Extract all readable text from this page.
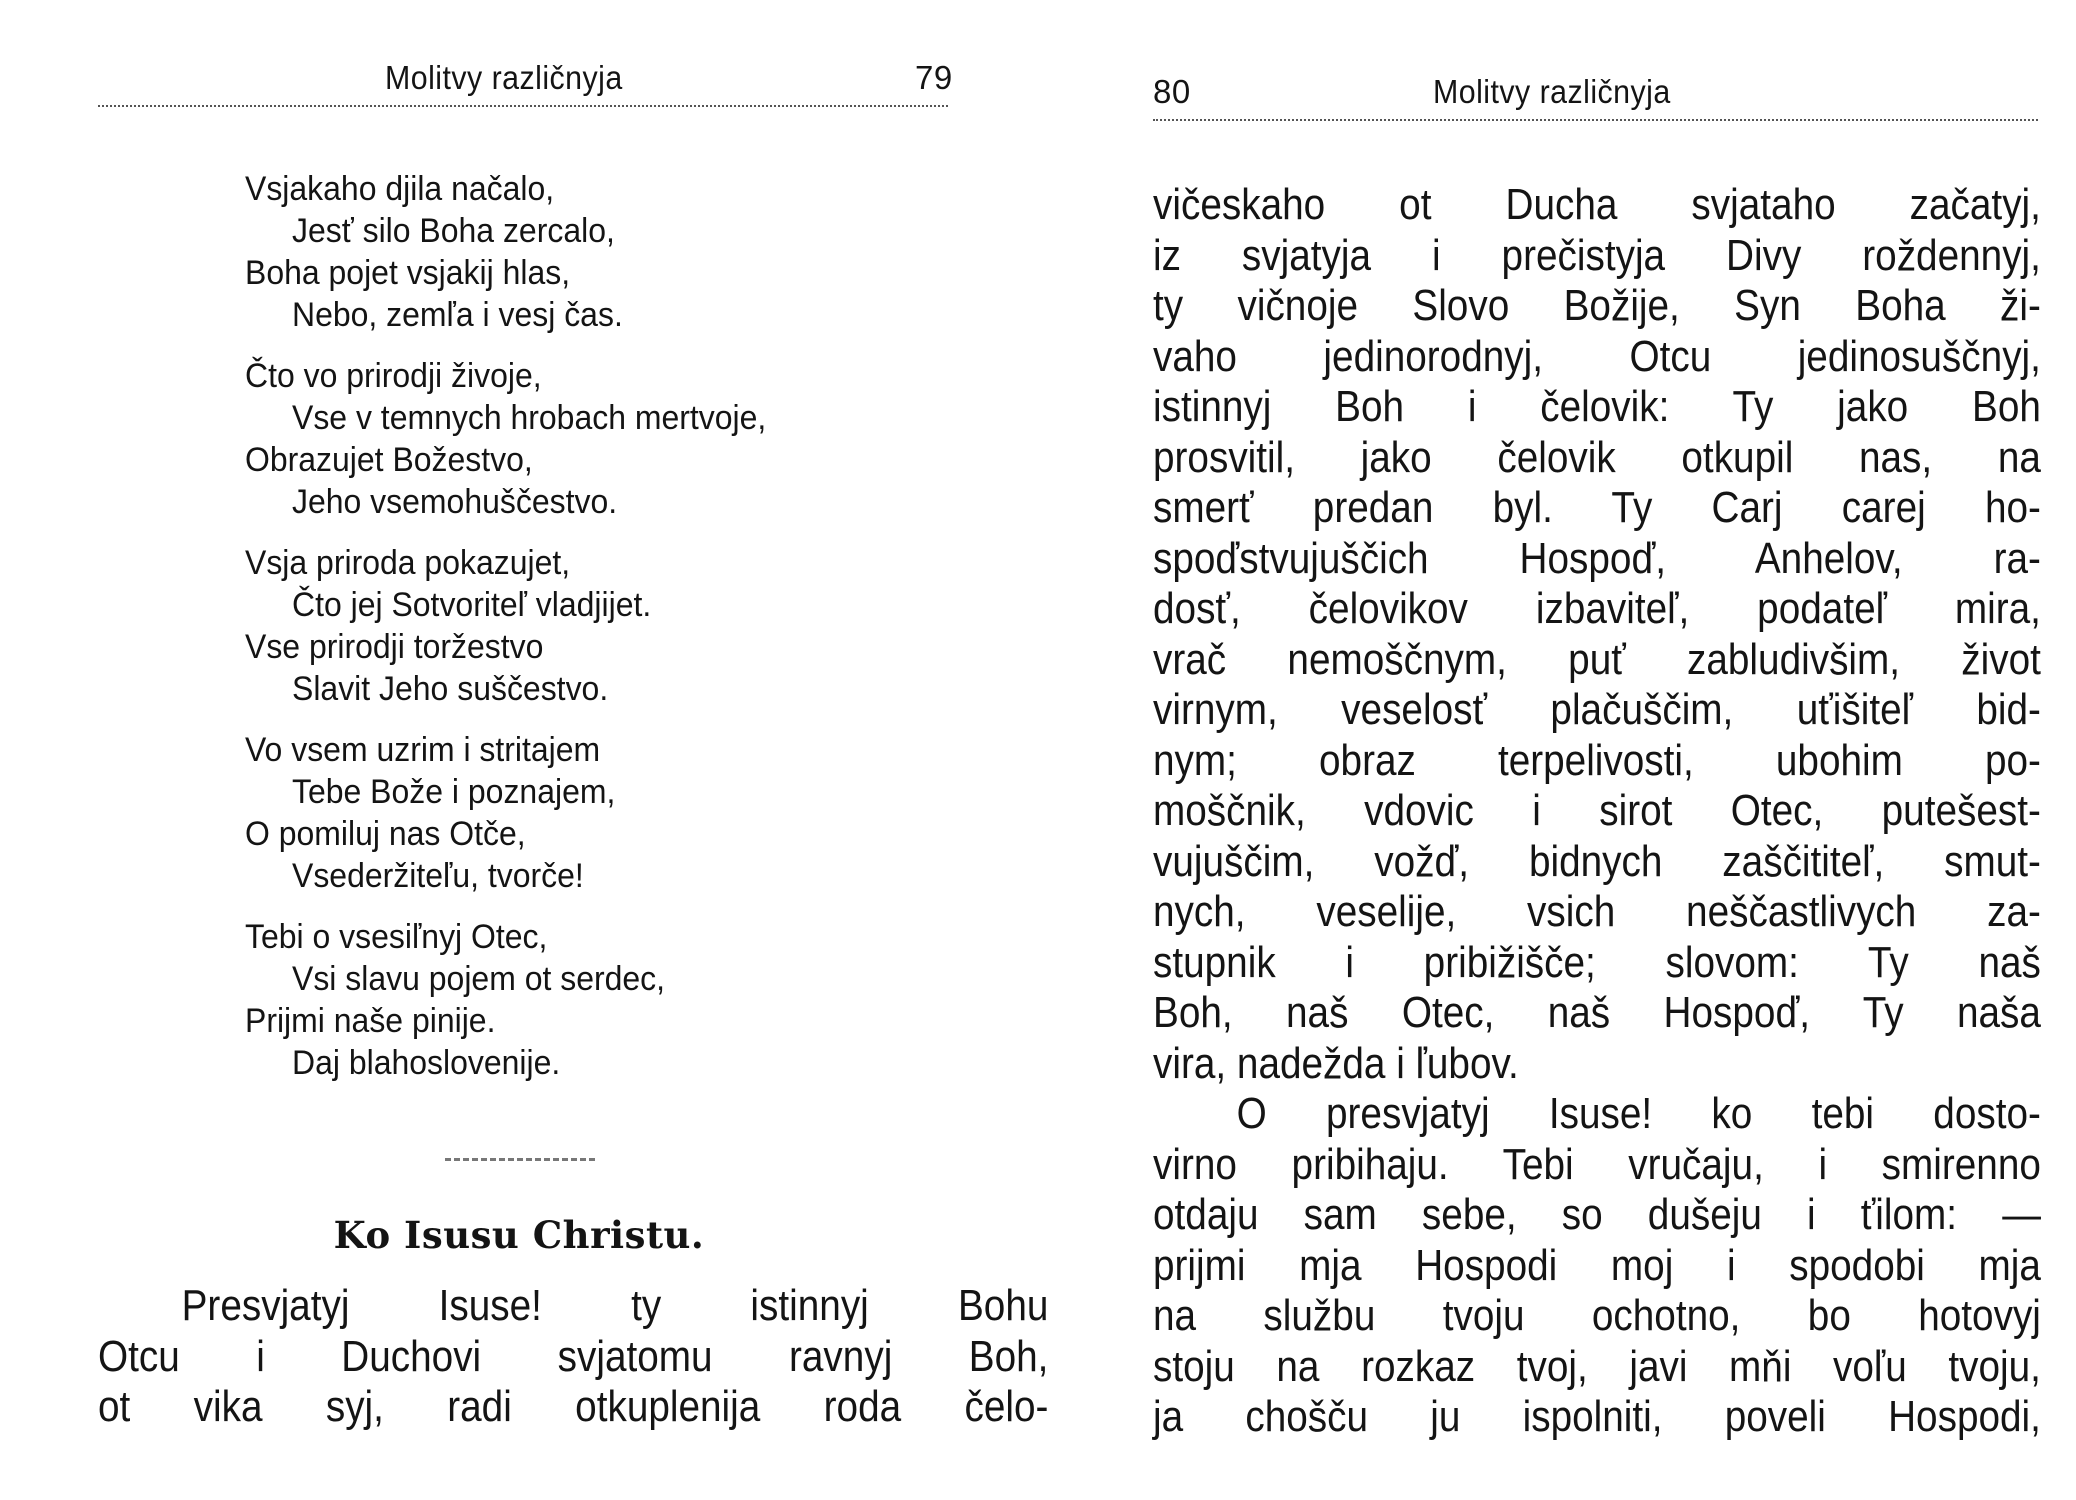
Molitvy različnyja	79
Vsjakaho djila načalo,
Jesť silo Boha zercalo,
Boha pojet vsjakij hlas,
Nebo, zemľa i vesj čas.
Čto vo prirodji živoje,
Vse v temnych hrobach mertvoje,
Obrazujet Božestvo,
Jeho vsemohuščestvo.
Vsja priroda pokazujet,
Čto jej Sotvoriteľ vladjijet.
Vse prirodji toržestvo
Slavit Jeho suščestvo.
Vo vsem uzrim i stritajem
Tebe Bože i poznajem,
O pomiluj nas Otče,
Vsederžiteľu, tvorče!
Tebi o vsesiľnyj Otec,
Vsi slavu pojem ot serdec,
Prijmi naše pinije.
Daj blahoslovenije.
Ko Isusu Christu.
Presvjatyj Isuse! ty istinnyj Bohu
Otcu i Duchovi svjatomu ravnyj Boh,
ot vika syj, radi otkuplenija roda čelo-
80	Molitvy različnyja
vičeskaho ot Ducha svjataho začatyj,
iz svjatyja i prečistyja Divy roždennyj,
ty vičnoje Slovo Božije, Syn Boha ži-
vaho jedinorodnyj, Otcu jedinosuščnyj,
istinnyj Boh i čelovik: Ty jako Boh
prosvitil, jako čelovik otkupil nas, na
smerť predan byl. Ty Carj carej ho-
spoďstvujuščich Hospoď, Anhelov, ra-
dosť, čelovikov izbaviteľ, podateľ mira,
vrač nemoščnym, puť zabludivšim, život
virnym, veselosť plačuščim, uťišiteľ bid-
nym; obraz terpelivosti, ubohim po-
moščnik, vdovic i sirot Otec, putešest-
vujuščim, vožď, bidnych zaščititeľ, smut-
nych, veselije, vsich neščastlivych za-
stupnik i pribižišče; slovom: Ty naš
Boh, naš Otec, naš Hospoď, Ty naša
vira, nadežda i ľubov.
O presvjatyj Isuse! ko tebi dosto-
virno pribihaju. Tebi vručaju, i smirenno
otdaju sam sebe, so dušeju i ťilom: —
prijmi mja Hospodi moj i spodobi mja
na službu tvoju ochotno, bo hotovyj
stoju na rozkaz tvoj, javi mňi voľu tvoju,
ja chošču ju ispolniti, poveli Hospodi,
